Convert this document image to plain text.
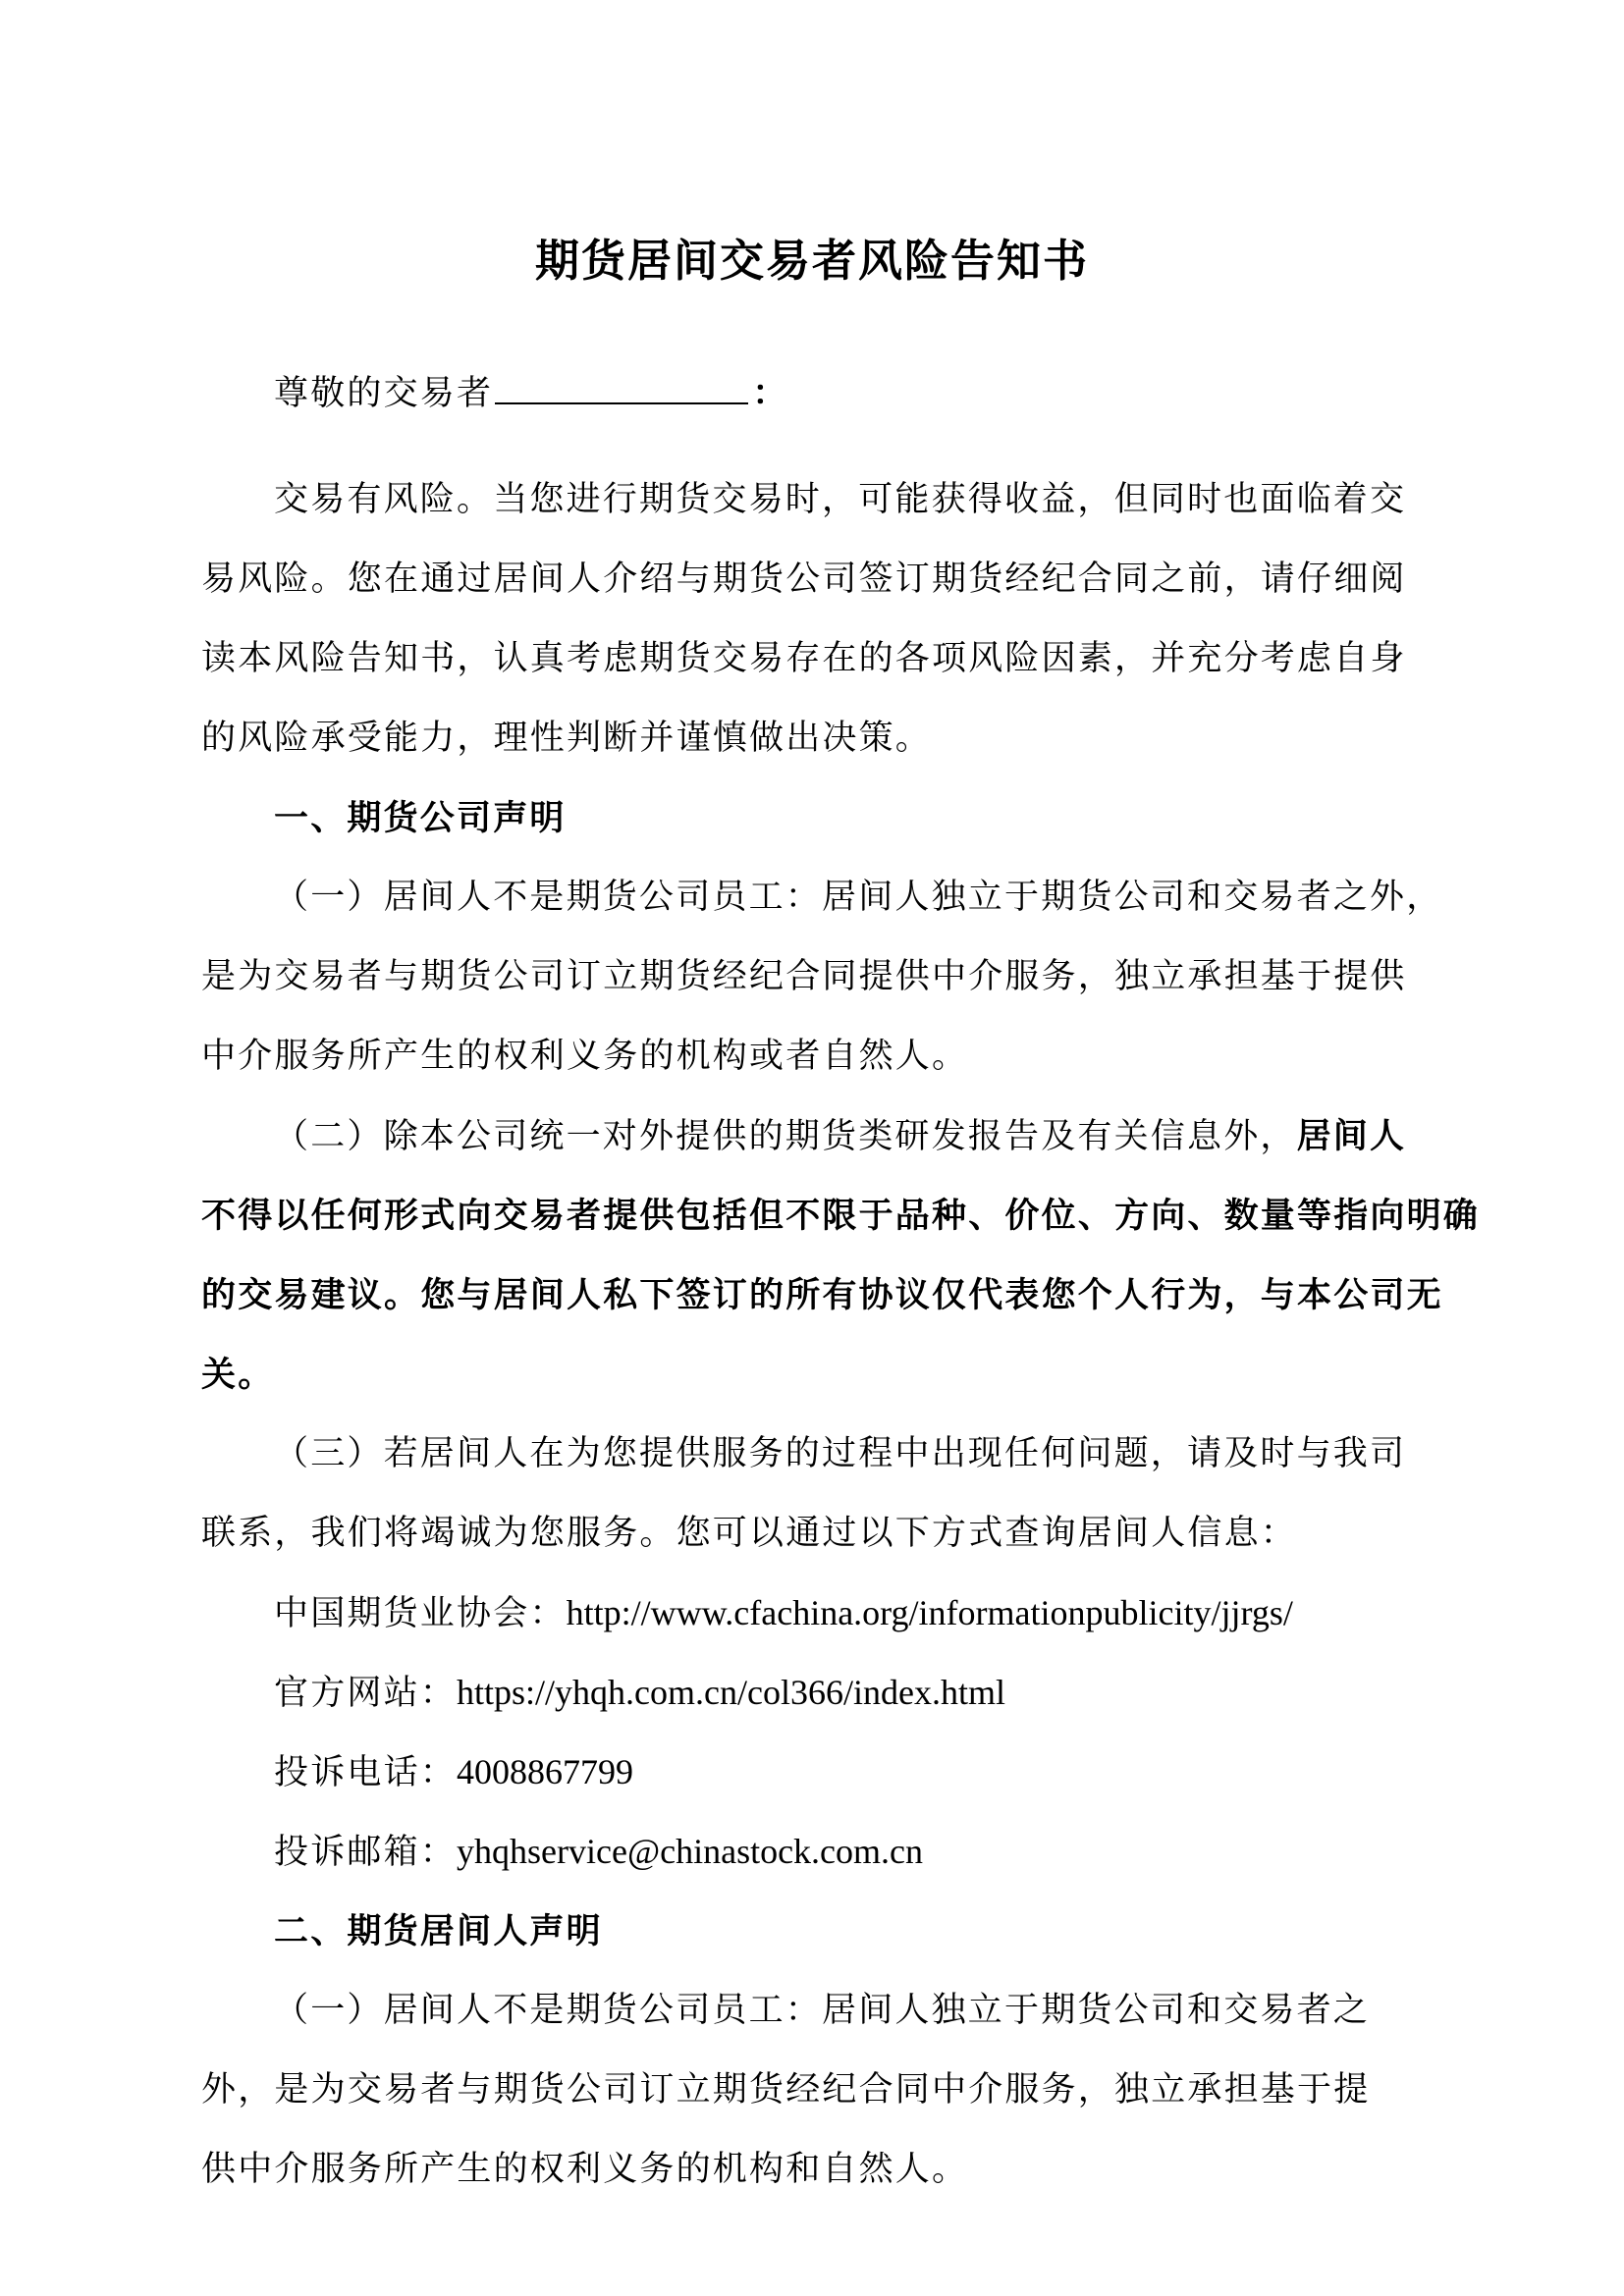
期货居间交易者风险告知书
尊敬的交易者	：
交易有风险。当您进行期货交易时，可能获得收益，但同时也面临着交
易风险。您在通过居间人介绍与期货公司签订期货经纪合同之前，请仔细阅
读本风险告知书，认真考虑期货交易存在的各项风险因素，并充分考虑自身
的风险承受能力，理性判断并谨慎做出决策。
一、期货公司声明
（一）居间人不是期货公司员工：居间人独立于期货公司和交易者之外，
是为交易者与期货公司订立期货经纪合同提供中介服务，独立承担基于提供
中介服务所产生的权利义务的机构或者自然人。
（二）除本公司统一对外提供的期货类研发报告及有关信息外，居间人
不得以任何形式向交易者提供包括但不限于品种、价位、方向、数量等指向明确
的交易建议。您与居间人私下签订的所有协议仅代表您个人行为，与本公司无
关。
（三）若居间人在为您提供服务的过程中出现任何问题，请及时与我司
联系，我们将竭诚为您服务。您可以通过以下方式查询居间人信息：
中国期货业协会：http://www.cfachina.org/informationpublicity/jjrgs/
官方网站：https://yhqh.com.cn/col366/index.html
投诉电话：4008867799
投诉邮箱：yhqhservice@chinastock.com.cn
二、期货居间人声明
（一）居间人不是期货公司员工：居间人独立于期货公司和交易者之
外，是为交易者与期货公司订立期货经纪合同中介服务，独立承担基于提
供中介服务所产生的权利义务的机构和自然人。
